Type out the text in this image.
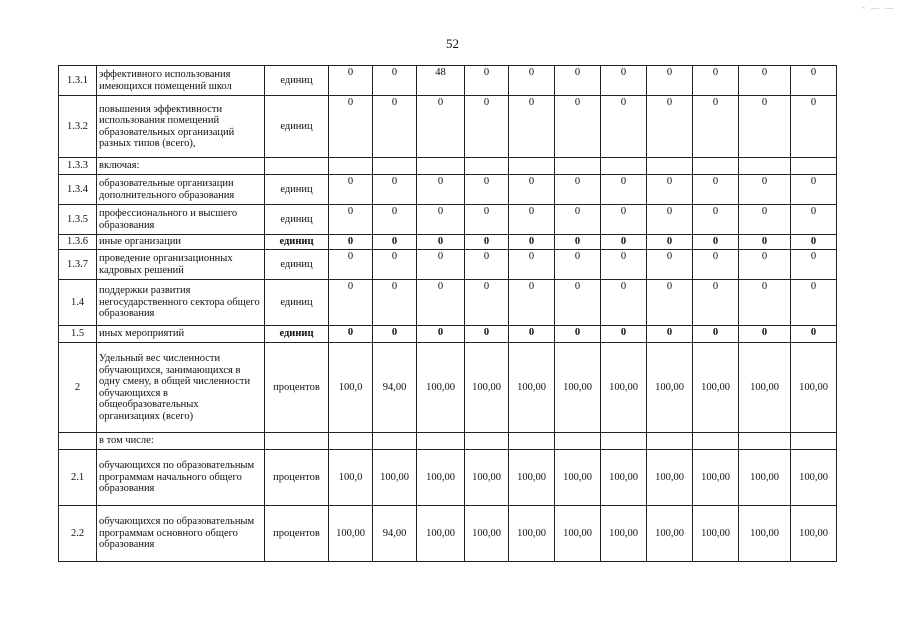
- — —
52
1.3.1	эффективного использования имеющихся помещений школ	единиц	0	0	48	0	0	0	0	0	0	0	0
1.3.2	повышения эффективности использования помещений образовательных организаций разных типов (всего),	единиц	0	0	0	0	0	0	0	0	0	0	0
1.3.3	включая:												
1.3.4	образовательные организации дополнительного образования	единиц	0	0	0	0	0	0	0	0	0	0	0
1.3.5	профессионального и высшего образования	единиц	0	0	0	0	0	0	0	0	0	0	0
1.3.6	иные организации	единиц	0	0	0	0	0	0	0	0	0	0	0
1.3.7	проведение организационных кадровых решений	единиц	0	0	0	0	0	0	0	0	0	0	0
1.4	поддержки развития негосударственного сектора общего образования	единиц	0	0	0	0	0	0	0	0	0	0	0
1.5	иных мероприятий	единиц	0	0	0	0	0	0	0	0	0	0	0
2	Удельный вес численности обучающихся, занимающихся в одну смену, в общей численности обучающихся в общеобразовательных организациях (всего)	процентов	100,0	94,00	100,00	100,00	100,00	100,00	100,00	100,00	100,00	100,00	100,00
	в том числе:												
2.1	обучающихся по образовательным программам начального общего образования	процентов	100,0	100,00	100,00	100,00	100,00	100,00	100,00	100,00	100,00	100,00	100,00
2.2	обучающихся по образовательным программам основного общего образования	процентов	100,00	94,00	100,00	100,00	100,00	100,00	100,00	100,00	100,00	100,00	100,00
